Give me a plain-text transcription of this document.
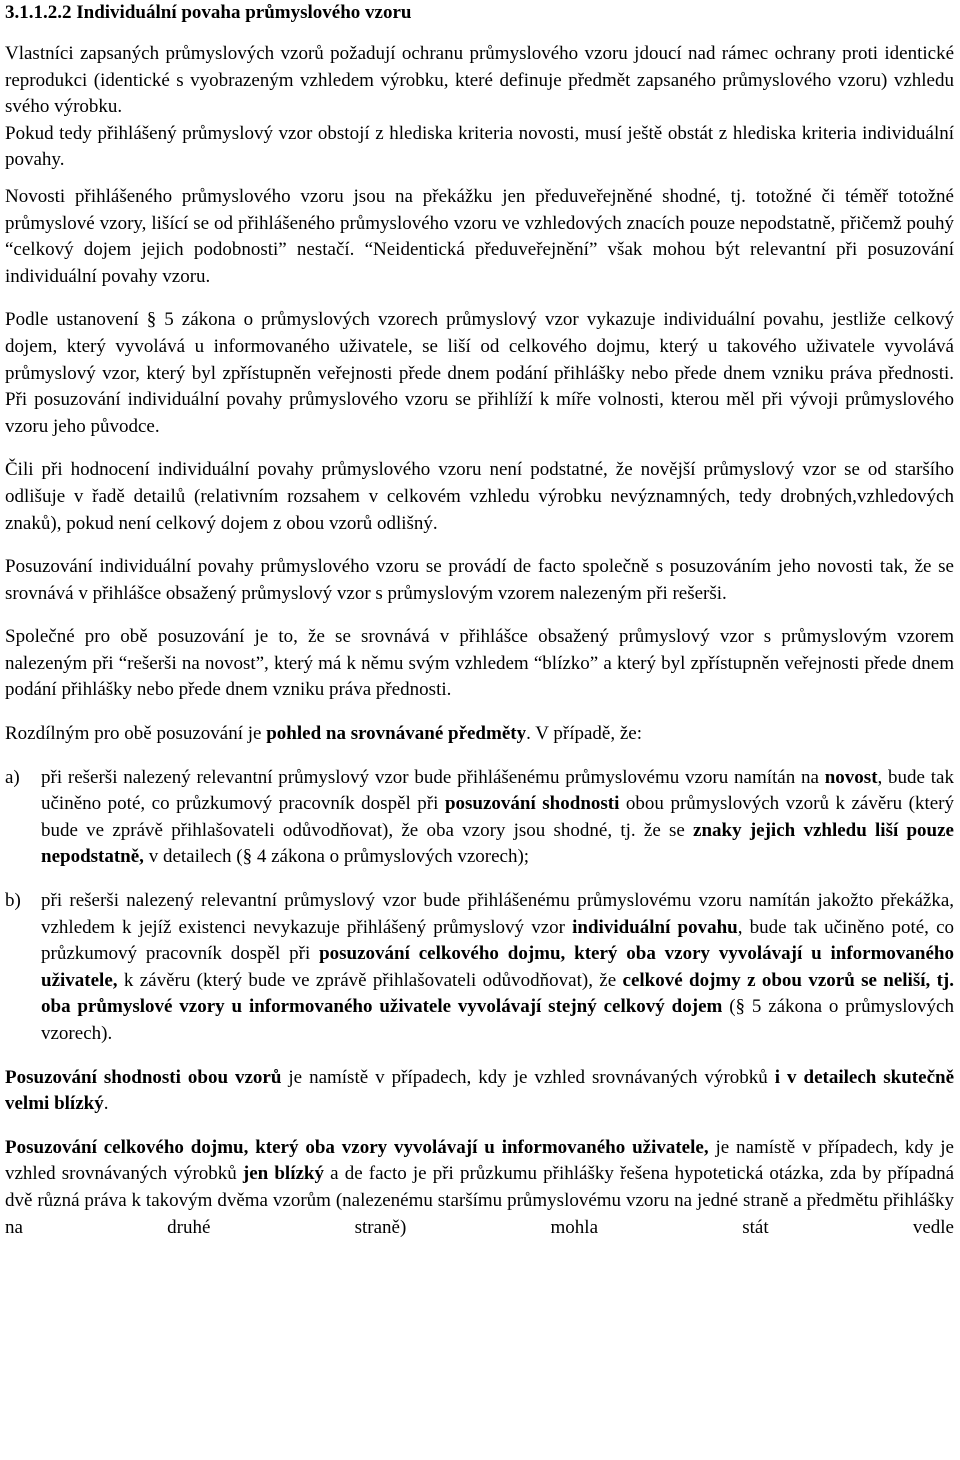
3.1.1.2.2 Individuální povaha průmyslového vzoru

Vlastníci zapsaných průmyslových vzorů požadují ochranu průmyslového vzoru jdoucí nad rámec ochrany proti identické reprodukci (identické s vyobrazeným vzhledem výrobku, které definuje předmět zapsaného průmyslového vzoru) vzhledu svého výrobku.

Pokud tedy přihlášený průmyslový vzor obstojí z hlediska kriteria novosti, musí ještě obstát z hlediska kriteria individuální povahy.

Novosti přihlášeného průmyslového vzoru jsou na překážku jen předuveřejněné shodné, tj. totožné či téměř totožné průmyslové vzory, lišící se od přihlášeného průmyslového vzoru ve vzhledových znacích pouze nepodstatně, přičemž pouhý “celkový dojem jejich podobnosti” nestačí. “Neidentická předuveřejnění” však mohou být relevantní při posuzování individuální povahy vzoru.

Podle ustanovení § 5 zákona o průmyslových vzorech průmyslový vzor vykazuje individuální povahu, jestliže celkový dojem, který vyvolává u informovaného uživatele, se liší od celkového dojmu, který u takového uživatele vyvolává průmyslový vzor, který byl zpřístupněn veřejnosti přede dnem podání přihlášky nebo přede dnem vzniku práva přednosti. Při posuzování individuální povahy průmyslového vzoru se přihlíží k míře volnosti, kterou měl při vývoji průmyslového vzoru jeho původce.

Čili při hodnocení individuální povahy průmyslového vzoru není podstatné, že novější průmyslový vzor se od staršího odlišuje v řadě detailů (relativním rozsahem v celkovém vzhledu výrobku nevýznamných, tedy drobných,vzhledových znaků), pokud není celkový dojem z obou vzorů odlišný.

Posuzování individuální povahy průmyslového vzoru se provádí de facto společně s posuzováním jeho novosti tak, že se srovnává v přihlášce obsažený průmyslový vzor s průmyslovým vzorem nalezeným při rešerši.

Společné pro obě posuzování je to, že se srovnává v přihlášce obsažený průmyslový vzor s průmyslovým vzorem nalezeným při “rešerši na novost”, který má k němu svým vzhledem “blízko” a který byl zpřístupněn veřejnosti přede dnem podání přihlášky nebo přede dnem vzniku práva přednosti.

Rozdílným pro obě posuzování je pohled na srovnávané předměty. V případě, že:

a)	při rešerši nalezený relevantní průmyslový vzor bude přihlášenému průmyslovému vzoru namítán na novost, bude tak učiněno poté, co průzkumový pracovník dospěl při posuzování shodnosti obou průmyslových vzorů k závěru (který bude ve zprávě přihlašovateli odůvodňovat), že oba vzory jsou shodné, tj. že se znaky jejich vzhledu liší pouze nepodstatně, v detailech (§ 4 zákona o průmyslových vzorech);
b)	při rešerši nalezený relevantní průmyslový vzor bude přihlášenému průmyslovému vzoru namítán jakožto překážka, vzhledem k jejíž existenci nevykazuje přihlášený průmyslový vzor individuální povahu, bude tak učiněno poté, co průzkumový pracovník dospěl při posuzování celkového dojmu, který oba vzory vyvolávají u informovaného uživatele, k závěru (který bude ve zprávě přihlašovateli odůvodňovat), že celkové dojmy z obou vzorů se neliší, tj. oba průmyslové vzory u informovaného uživatele vyvolávají stejný celkový dojem (§ 5 zákona o průmyslových vzorech).

Posuzování shodnosti obou vzorů je namístě v případech, kdy je vzhled srovnávaných výrobků i v detailech skutečně velmi blízký.

Posuzování celkového dojmu, který oba vzory vyvolávají u informovaného uživatele, je namístě v případech, kdy je vzhled srovnávaných výrobků jen blízký a de facto je při průzkumu přihlášky řešena hypotetická otázka, zda by případná dvě různá práva k takovým dvěma vzorům (nalezenému staršímu průmyslovému vzoru na jedné straně a předmětu přihlášky na druhé straně) mohla stát vedle
